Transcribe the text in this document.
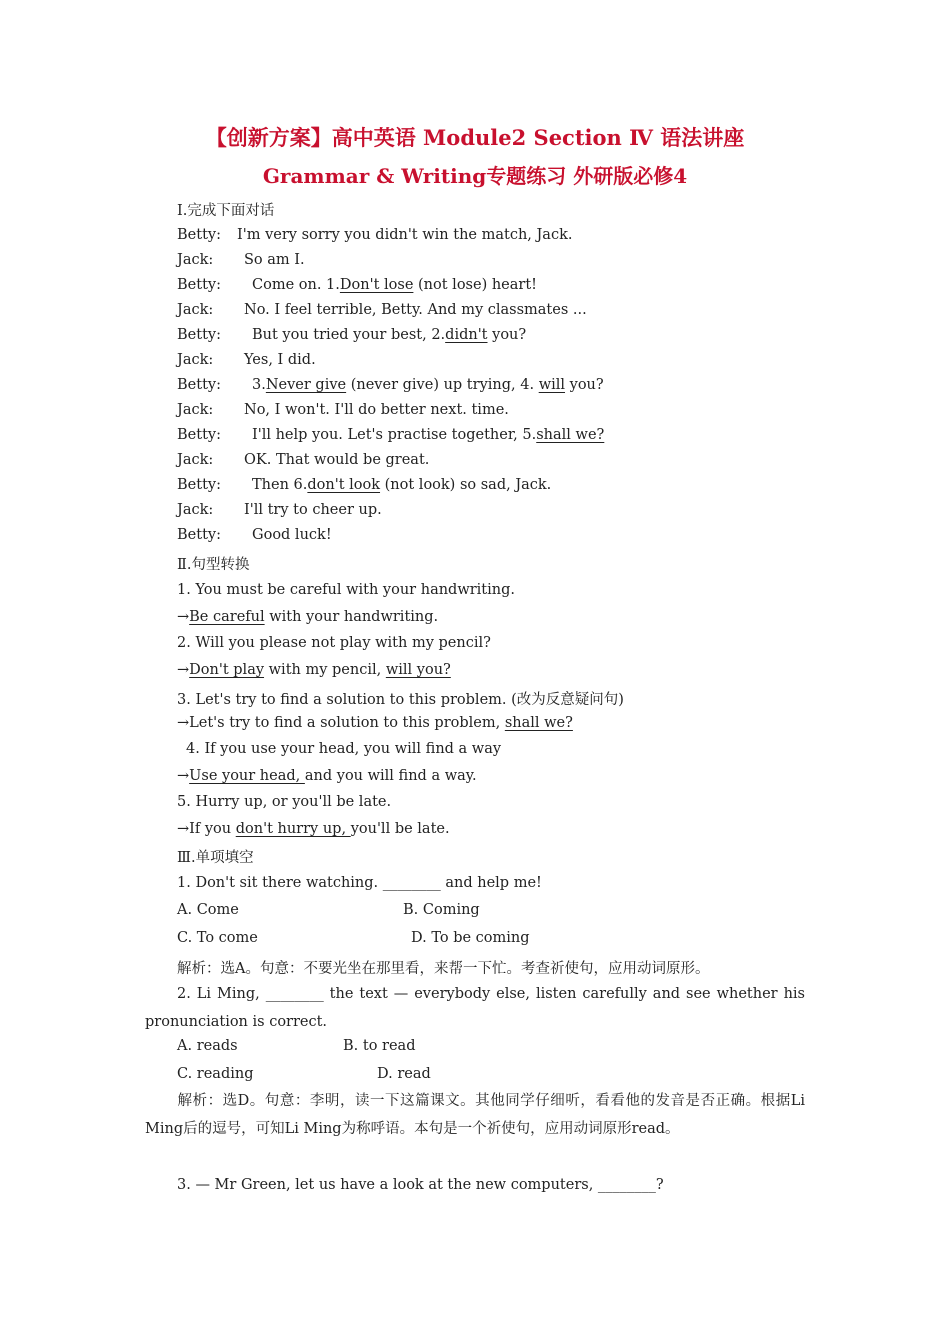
【创新方案】高中英语 Module2 Section Ⅳ 语法讲座
Grammar & Writing专题练习 外研版必修4
Ⅰ.完成下面对话
Betty: I'm very sorry you didn't win the match, Jack.
Jack: So am I.
Betty: Come on. 1.Don't lose (not lose) heart!
Jack: No. I feel terrible, Betty. And my classmates ...
Betty: But you tried your best, 2.didn't you?
Jack: Yes, I did.
Betty: 3.Never give (never give) up trying, 4. will you?
Jack: No, I won't. I'll do better next. time.
Betty: I'll help you. Let's practise together, 5.shall we?
Jack: OK. That would be great.
Betty: Then 6.don't look (not look) so sad, Jack.
Jack: I'll try to cheer up.
Betty: Good luck!
Ⅱ.句型转换
1. You must be careful with your handwriting.
→Be careful with your handwriting.
2. Will you please not play with my pencil?
→Don't play with my pencil, will you?
3. Let's try to find a solution to this problem. (改为反意疑问句)
→Let's try to find a solution to this problem, shall we?
4. If you use your head, you will find a way
→Use your head, and you will find a way.
5. Hurry up, or you'll be late.
→If you don't hurry up, you'll be late.
Ⅲ.单项填空
1. Don't sit there watching. ________ and help me!
A. Come	B. Coming
C. To come	D. To be coming
解析：选A。句意：不要光坐在那里看，来帮一下忙。考查祈使句，应用动词原形。
2. Li Ming, ________ the text — everybody else, listen carefully and see whether his pronunciation is correct.
A. reads	B. to read
C. reading	D. read
解析：选D。句意：李明，读一下这篇课文。其他同学仔细听，看看他的发音是否正确。根据Li Ming后的逗号，可知Li Ming为称呼语。本句是一个祈使句，应用动词原形read。
3. — Mr Green, let us have a look at the new computers, ________?
